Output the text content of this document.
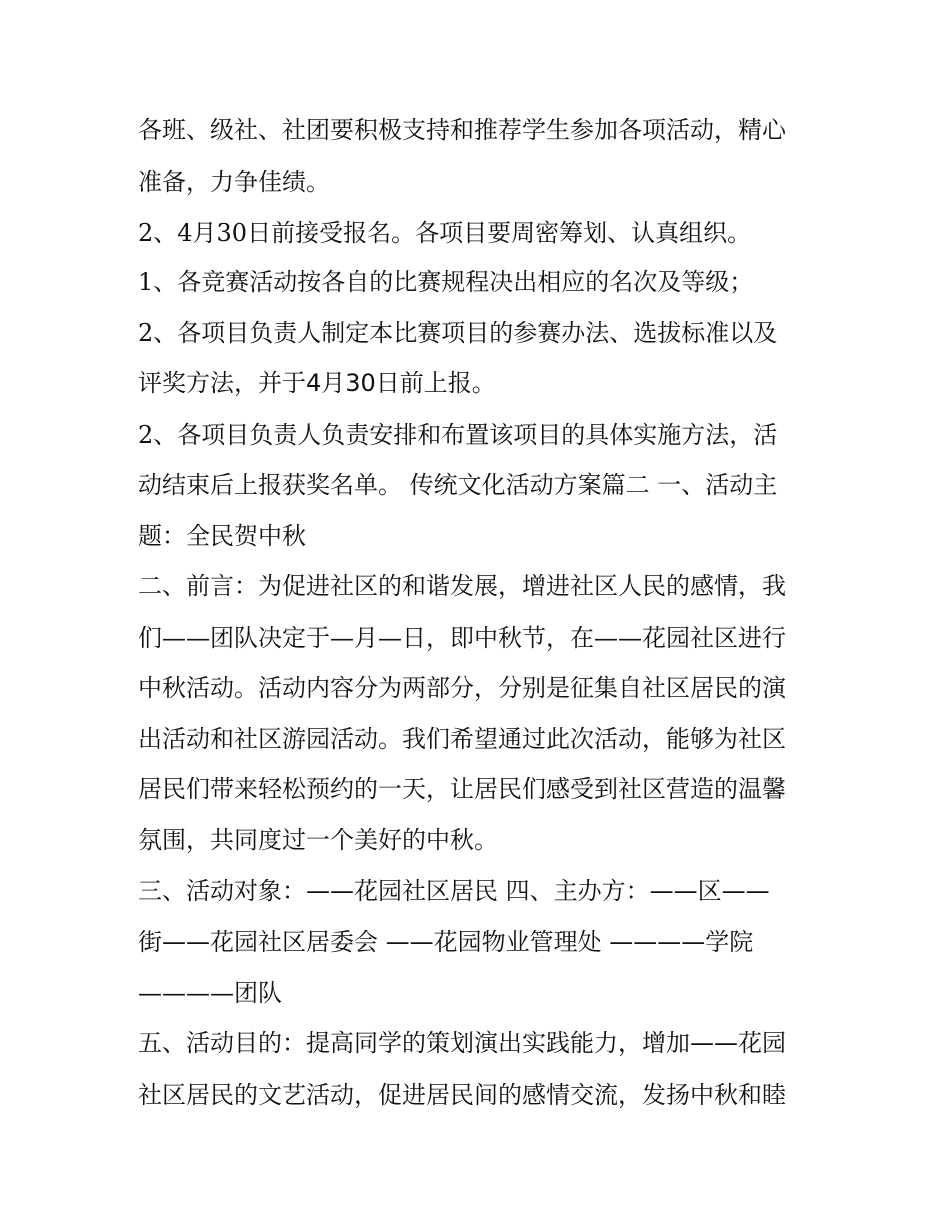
各班、级社、社团要积极支持和推荐学生参加各项活动，精心
准备，力争佳绩。
2、4月30日前接受报名。各项目要周密筹划、认真组织。
1、各竞赛活动按各自的比赛规程决出相应的名次及等级；
2、各项目负责人制定本比赛项目的参赛办法、选拔标准以及
评奖方法，并于4月30日前上报。
2、各项目负责人负责安排和布置该项目的具体实施方法，活
动结束后上报获奖名单。 传统文化活动方案篇二 一、活动主
题：全民贺中秋
二、前言：为促进社区的和谐发展，增进社区人民的感情，我
们——团队决定于—月—日，即中秋节，在——花园社区进行
中秋活动。活动内容分为两部分，分别是征集自社区居民的演
出活动和社区游园活动。我们希望通过此次活动，能够为社区
居民们带来轻松预约的一天，让居民们感受到社区营造的温馨
氛围，共同度过一个美好的中秋。
三、活动对象：——花园社区居民 四、主办方：——区——
街——花园社区居委会 ——花园物业管理处 ————学院
————团队
五、活动目的：提高同学的策划演出实践能力，增加——花园
社区居民的文艺活动，促进居民间的感情交流，发扬中秋和睦
